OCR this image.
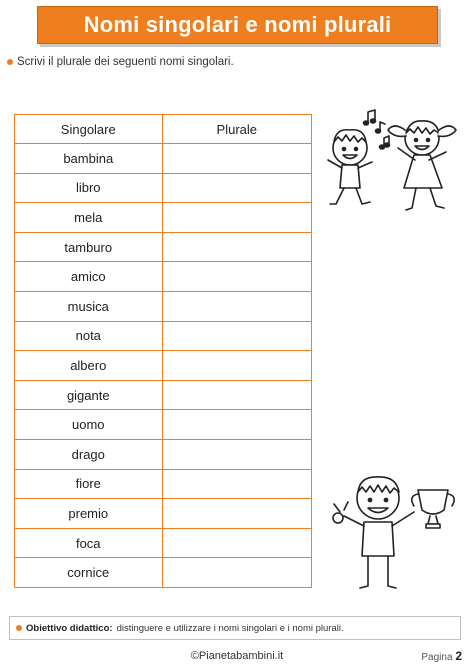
Nomi singolari e nomi plurali
Scrivi il plurale dei seguenti nomi singolari.
Singolare	Plurale
bambina	
libro	
mela	
tamburo	
amico	
musica	
nota	
albero	
gigante	
uomo	
drago	
fiore	
premio	
foca	
cornice	
Obiettivo didattico: distinguere e utilizzare i nomi singolari e i nomi plurali.
©Pianetabambini.it	Pagina 2
